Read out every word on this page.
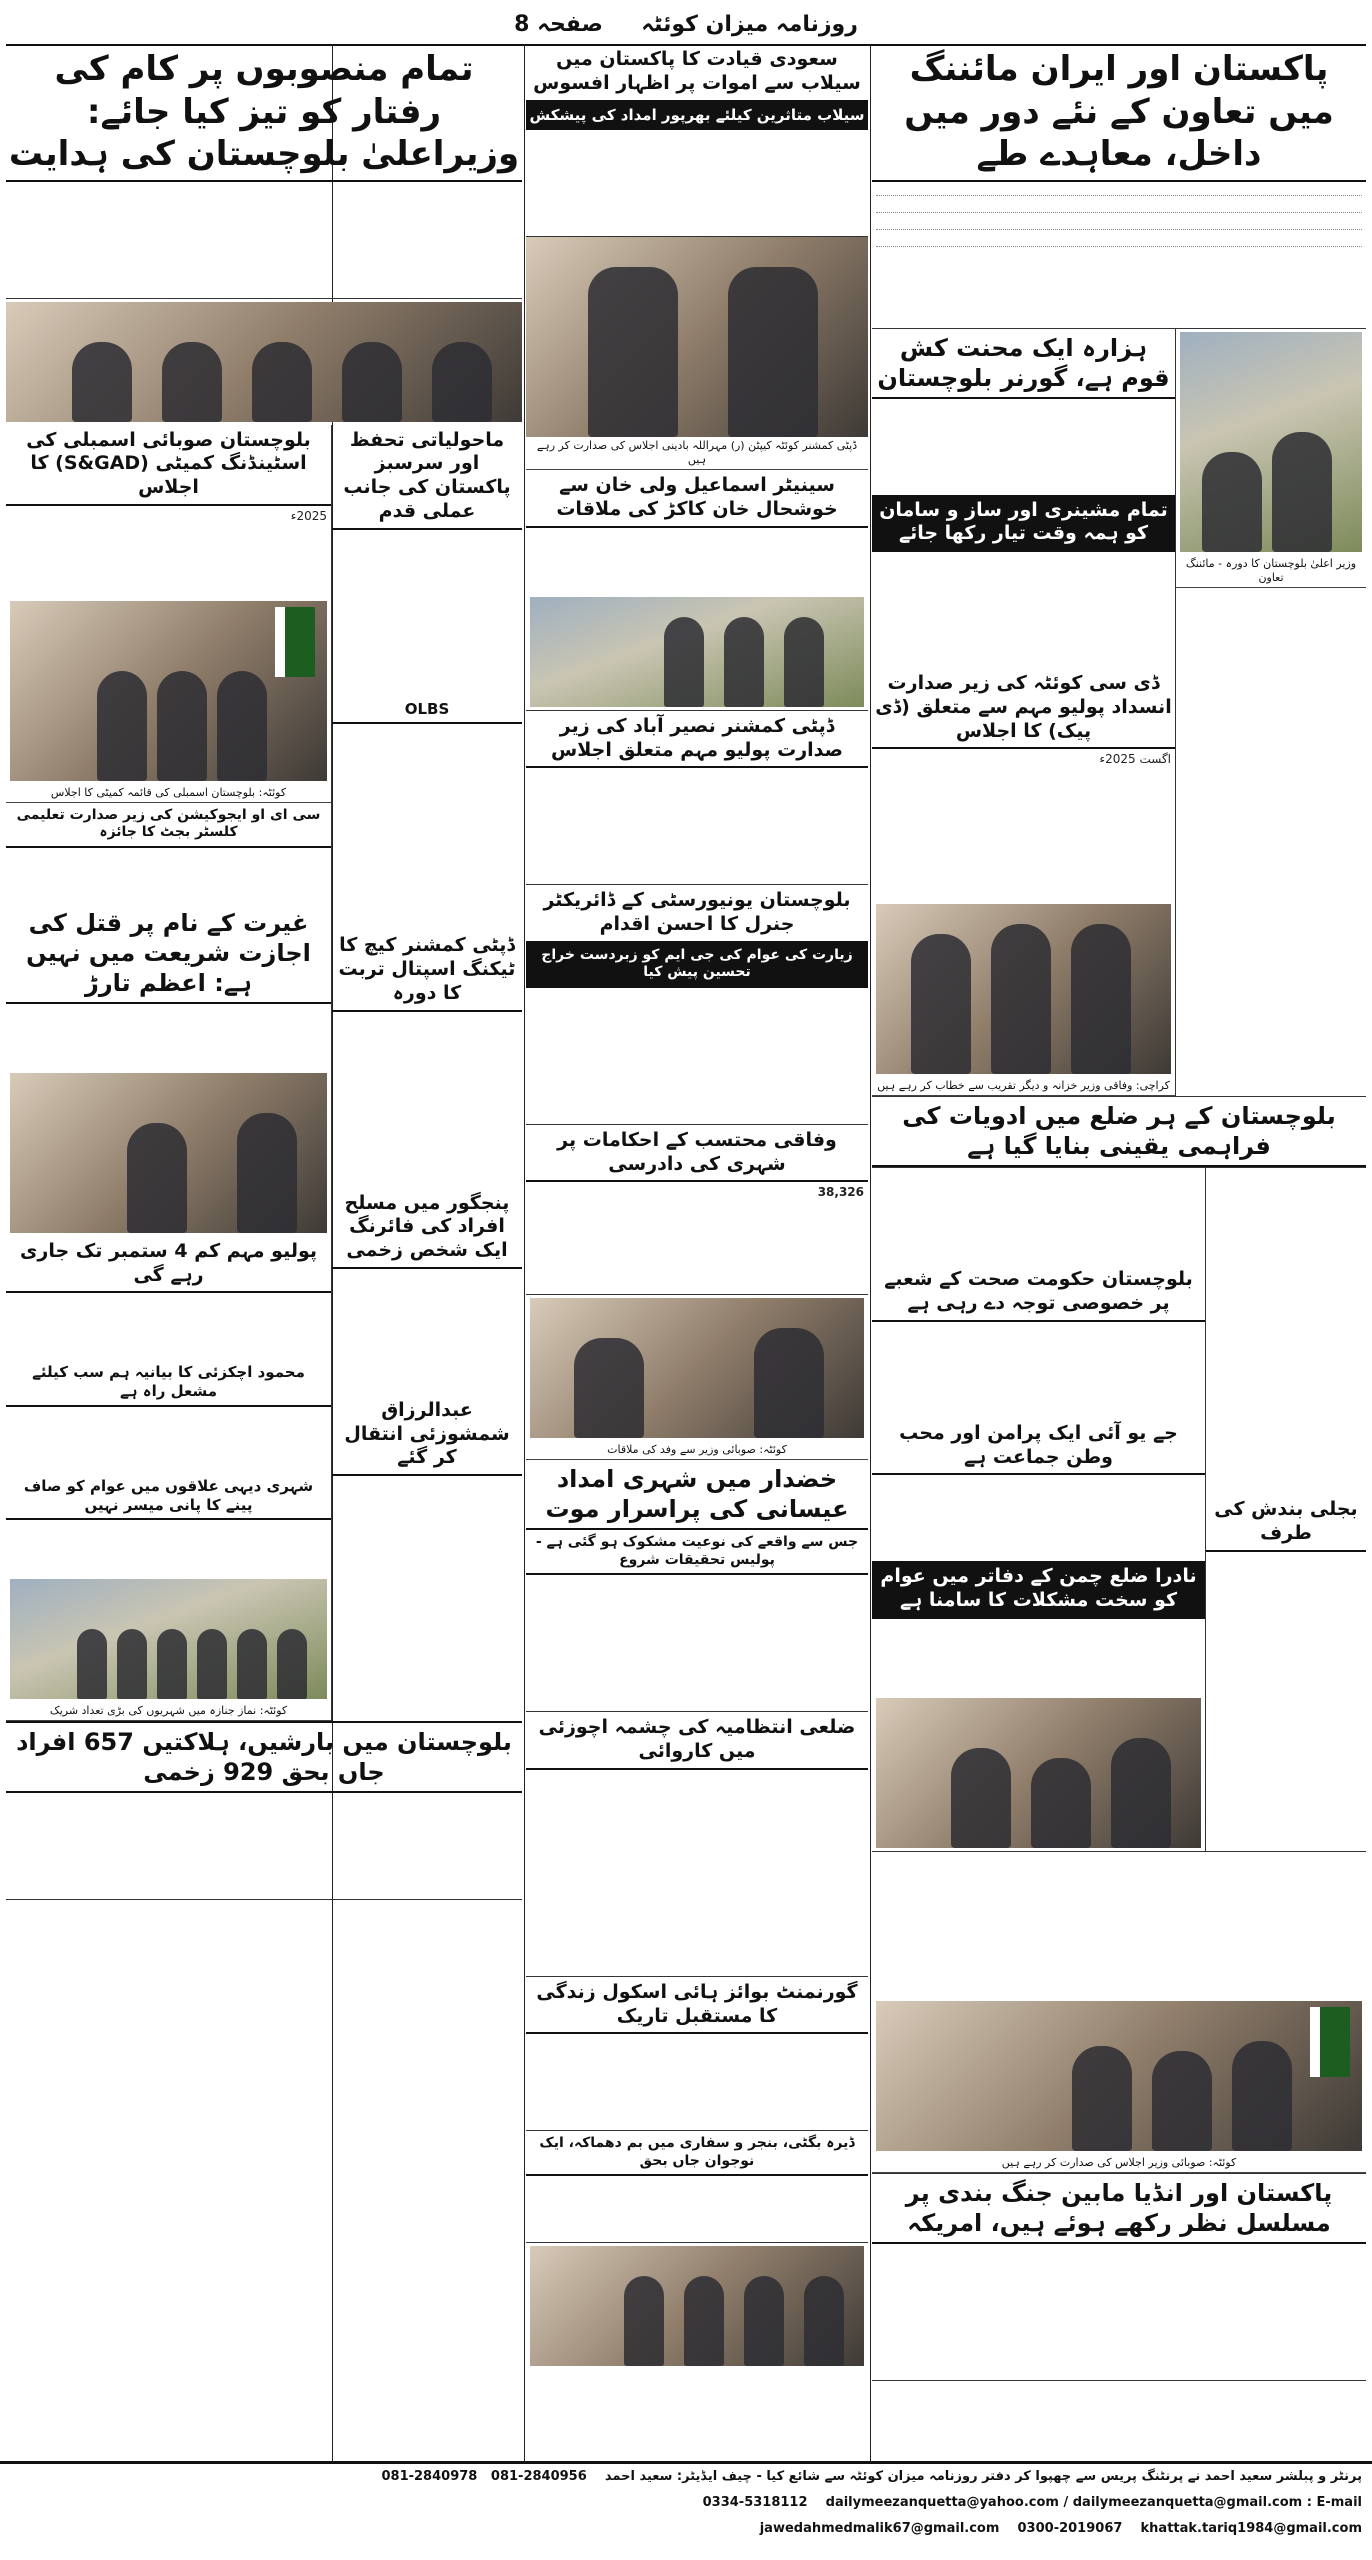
روزنامہ میزان کوئٹہ     صفحہ 8
پاکستان اور ایران مائننگ میں تعاون کے نئے دور میں داخل، معاہدے طے
وزیر اعلیٰ بلوچستان کا دورہ - مائننگ تعاون
ہزارہ ایک محنت کش قوم ہے، گورنر بلوچستان
تمام مشینری اور ساز و سامان کو ہمہ وقت تیار رکھا جائے
ڈی سی کوئٹہ کی زیر صدارت انسداد پولیو مہم سے متعلق (ڈی پیک) کا اجلاس
اگست 2025ء
کراچی: وفاقی وزیر خزانہ و دیگر تقریب سے خطاب کر رہے ہیں
بلوچستان کے ہر ضلع میں ادویات کی فراہمی یقینی بنایا گیا ہے
بجلی بندش کی طرف
بلوچستان حکومت صحت کے شعبے پر خصوصی توجہ دے رہی ہے
جے یو آئی ایک پرامن اور محب وطن جماعت ہے
نادرا ضلع چمن کے دفاتر میں عوام کو سخت مشکلات کا سامنا ہے
کوئٹہ: صوبائی وزیر اجلاس کی صدارت کر رہے ہیں
پاکستان اور انڈیا مابین جنگ بندی پر مسلسل نظر رکھے ہوئے ہیں، امریکہ
سعودی قیادت کا پاکستان میں سیلاب سے اموات پر اظہار افسوس
سیلاب متاثرین کیلئے بھرپور امداد کی پیشکش
ڈپٹی کمشنر کوئٹہ کیپٹن (ر) مہراللہ بادینی اجلاس کی صدارت کر رہے ہیں
سینیٹر اسماعیل ولی خان سے خوشحال خان کاکڑ کی ملاقات
ڈپٹی کمشنر نصیر آباد کی زیر صدارت پولیو مہم متعلق اجلاس
بلوچستان یونیورسٹی کے ڈائریکٹر جنرل کا احسن اقدام
زیارت کی عوام کی جی ایم کو زبردست خراج تحسین پیش کیا
وفاقی محتسب کے احکامات پر شہری کی دادرسی
38,326
کوئٹہ: صوبائی وزیر سے وفد کی ملاقات
خضدار میں شہری امداد عیسانی کی پراسرار موت
جس سے واقعے کی نوعیت مشکوک ہو گئی ہے - پولیس تحقیقات شروع
ضلعی انتظامیہ کی چشمہ اچوزئی میں کاروائی
گورنمنٹ بوائز ہائی اسکول زندگی کا مستقبل تاریک
ڈیرہ بگٹی، بنجر و سفاری میں بم دھماکہ، ایک نوجوان جاں بحق
تمام منصوبوں پر کام کی رفتار کو تیز کیا جائے: وزیراعلیٰ بلوچستان کی ہدایت
ماحولیاتی تحفظ اور سرسبز پاکستان کی جانب عملی قدم
OLBS
ڈپٹی کمشنر کیچ کا ٹیکنگ اسپتال تربت کا دورہ
پنجگور میں مسلح افراد کی فائرنگ ایک شخص زخمی
عبدالرزاق شمشوزئی انتقال کر گئے
بلوچستان صوبائی اسمبلی کی اسٹینڈنگ کمیٹی (S&GAD) کا اجلاس
2025ء
کوئٹہ: بلوچستان اسمبلی کی قائمہ کمیٹی کا اجلاس
سی ای او ایجوکیشن کی زیر صدارت تعلیمی کلسٹر بجٹ کا جائزہ
غیرت کے نام پر قتل کی اجازت شریعت میں نہیں ہے: اعظم تارڑ
پولیو مہم کم 4 ستمبر تک جاری رہے گی
محمود اچکزئی کا بیانیہ ہم سب کیلئے مشعل راہ ہے
شہری دیہی علاقوں میں عوام کو صاف پینے کا پانی میسر نہیں
کوئٹہ: نماز جنازہ میں شہریوں کی بڑی تعداد شریک
بلوچستان میں بارشیں، ہلاکتیں 657 افراد جاں بحق 929 زخمی
پرنٹر و پبلشر سعید احمد نے پرنٹنگ پریس سے چھپوا کر دفتر روزنامہ میزان کوئٹہ سے شائع کیا - چیف ایڈیٹر: سعید احمد    081-2840956   081-2840978
E-mail : dailymeezanquetta@yahoo.com / dailymeezanquetta@gmail.com    0334-5318112
khattak.tariq1984@gmail.com    0300-2019067    jawedahmedmalik67@gmail.com
